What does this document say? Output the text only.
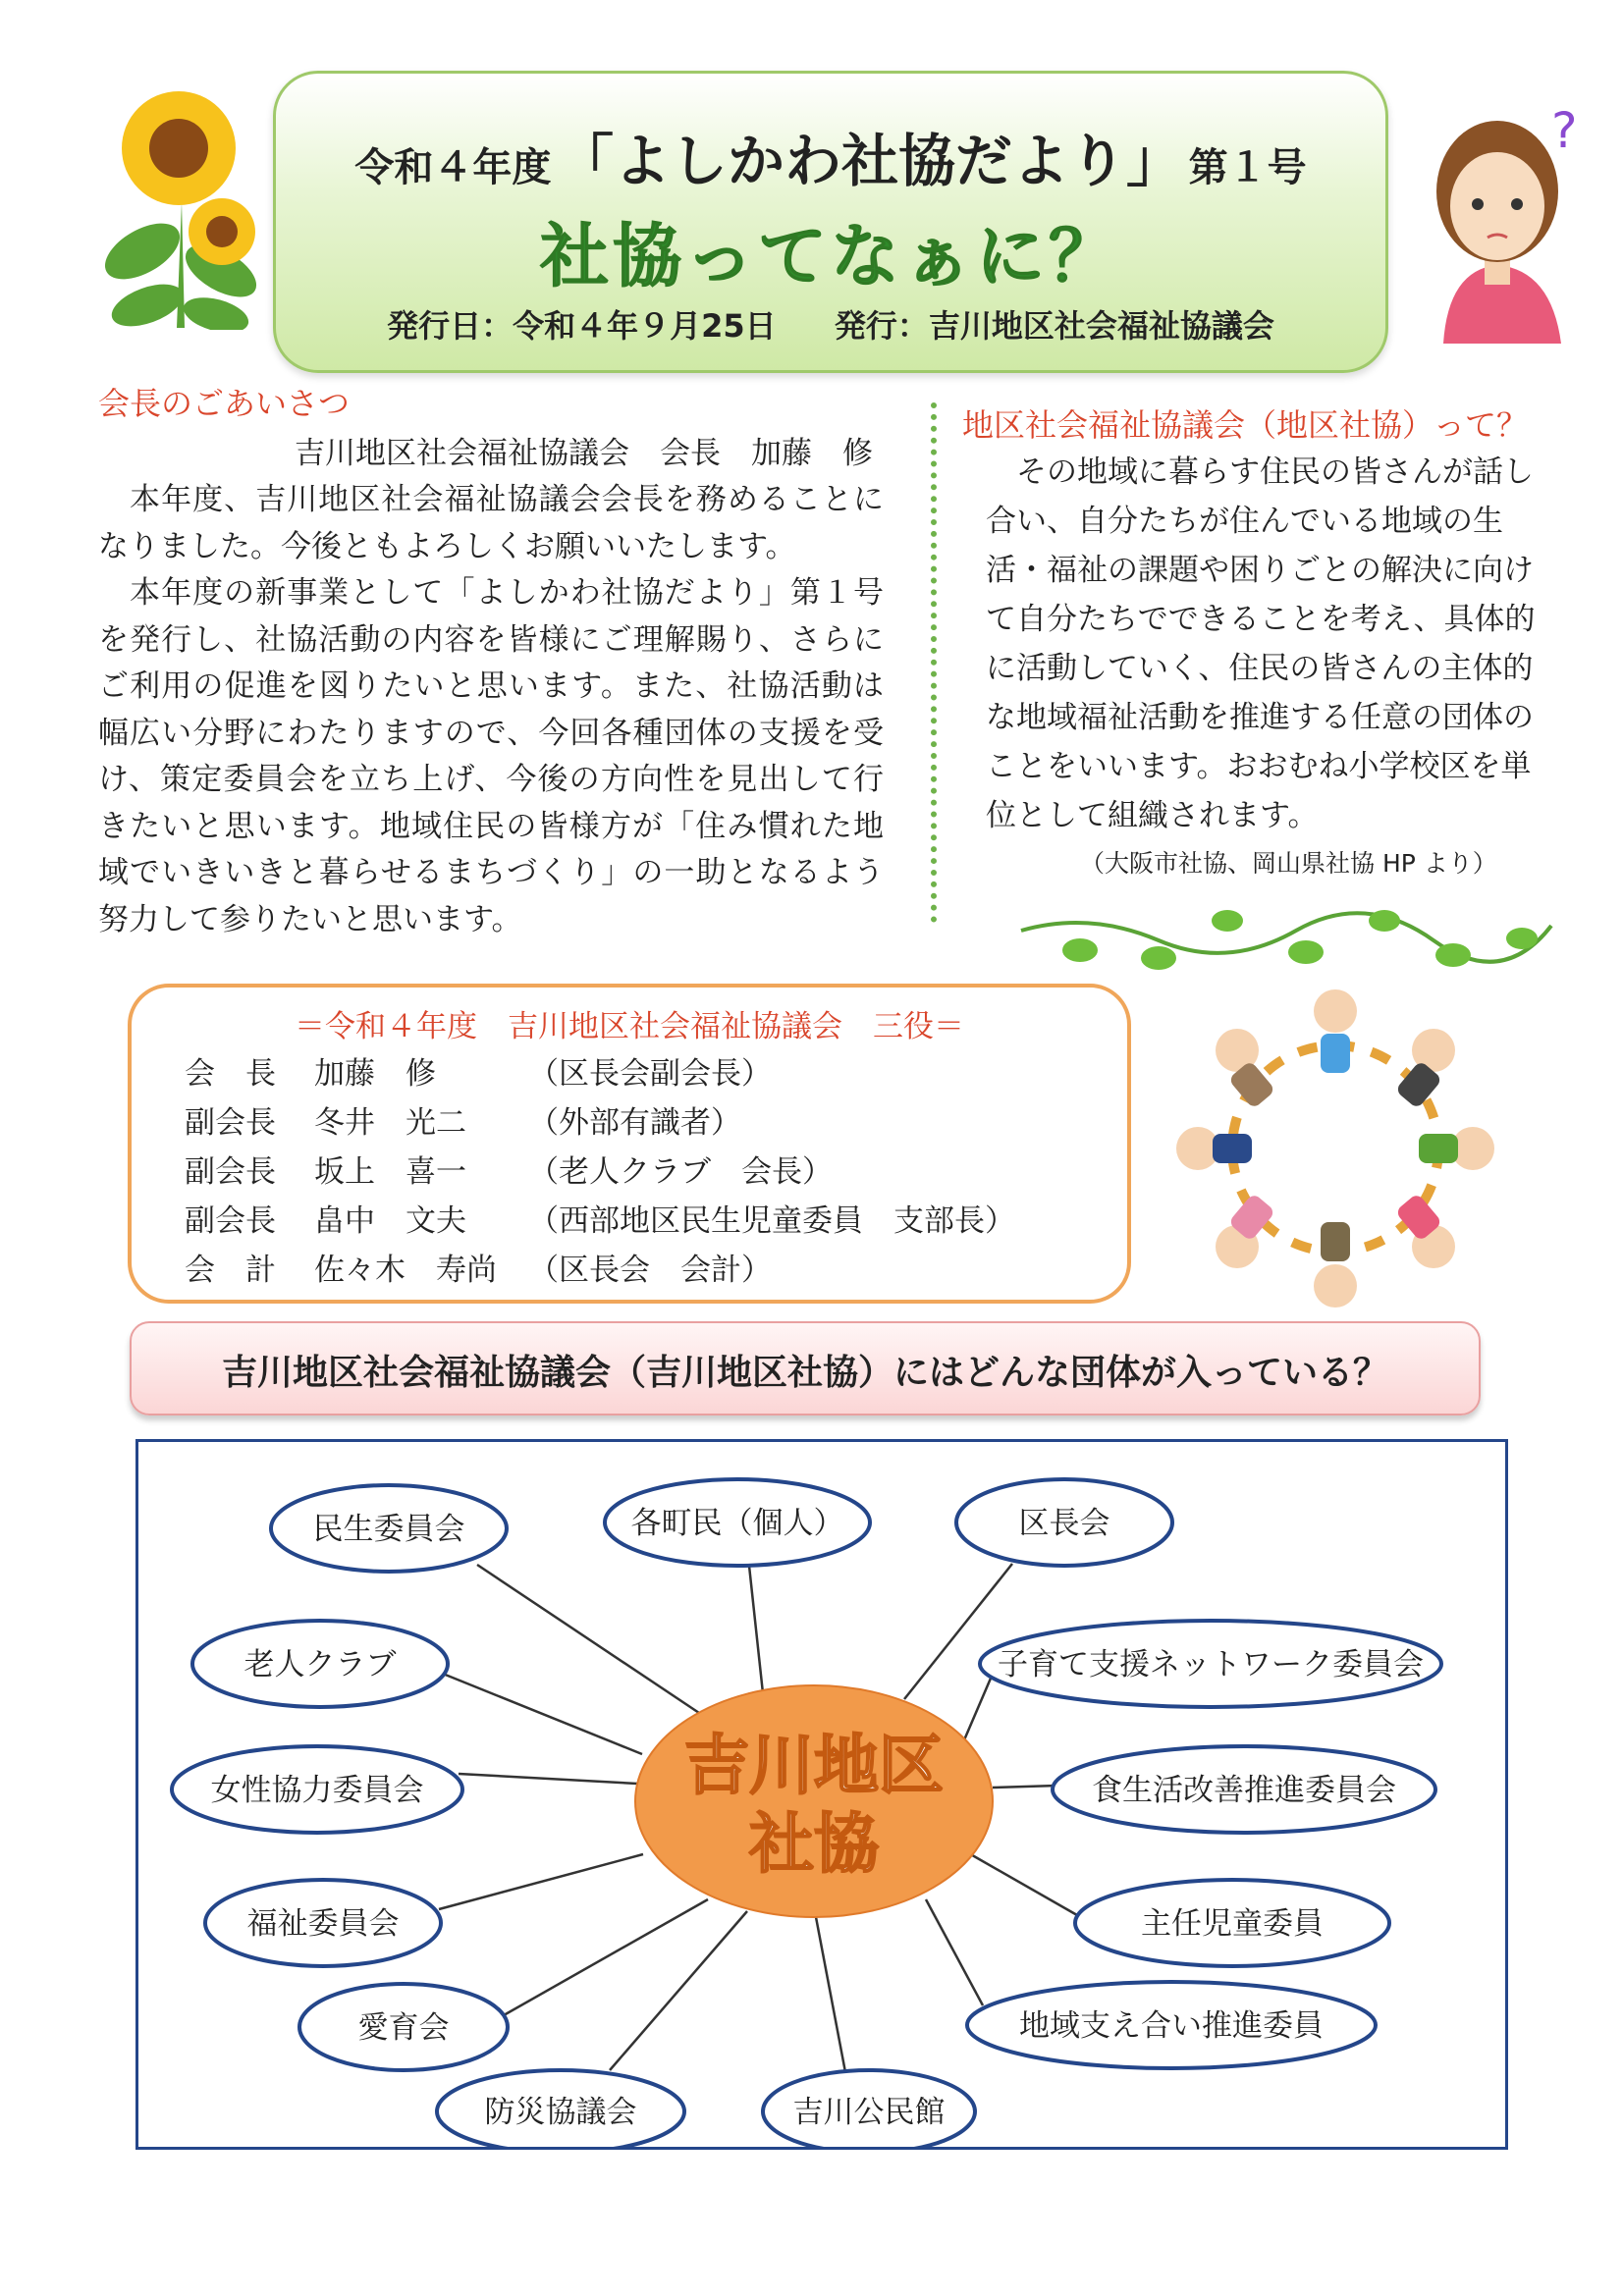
?
令和４年度 「よしかわ社協だより」 第１号
社協ってなぁに？
発行日：令和４年９月25日 発行：吉川地区社会福祉協議会
会長のごあいさつ
吉川地区社会福祉協議会　会長　加藤　修
　本年度、吉川地区社会福祉協議会会長を務めることになりました。今後ともよろしくお願いいたします。
　本年度の新事業として「よしかわ社協だより」第１号を発行し、社協活動の内容を皆様にご理解賜り、さらにご利用の促進を図りたいと思います。また、社協活動は幅広い分野にわたりますので、今回各種団体の支援を受け、策定委員会を立ち上げ、今後の方向性を見出して行きたいと思います。地域住民の皆様方が「住み慣れた地域でいきいきと暮らせるまちづくり」の一助となるよう努力して参りたいと思います。
地区社会福祉協議会（地区社協）って？
　その地域に暮らす住民の皆さんが話し合い、自分たちが住んでいる地域の生活・福祉の課題や困りごとの解決に向けて自分たちでできることを考え、具体的に活動していく、住民の皆さんの主体的な地域福祉活動を推進する任意の団体のことをいいます。おおむね小学校区を単位として組織されます。
（大阪市社協、岡山県社協 HP より）
＝令和４年度　吉川地区社会福祉協議会　三役＝
会　長	加藤　修	（区長会副会長）
副会長	冬井　光二	（外部有識者）
副会長	坂上　喜一	（老人クラブ　会長）
副会長	畠中　文夫	（西部地区民生児童委員　支部長）
会　計	佐々木　寿尚	（区長会　会計）
吉川地区社会福祉協議会（吉川地区社協）にはどんな団体が入っている？
民生委員会	各町民（個人）	区長会
老人クラブ	子育て支援ネットワーク委員会
女性協力委員会	食生活改善推進委員会
福祉委員会	主任児童委員
愛育会	地域支え合い推進委員
防災協議会	吉川公民館
吉川地区
社協
